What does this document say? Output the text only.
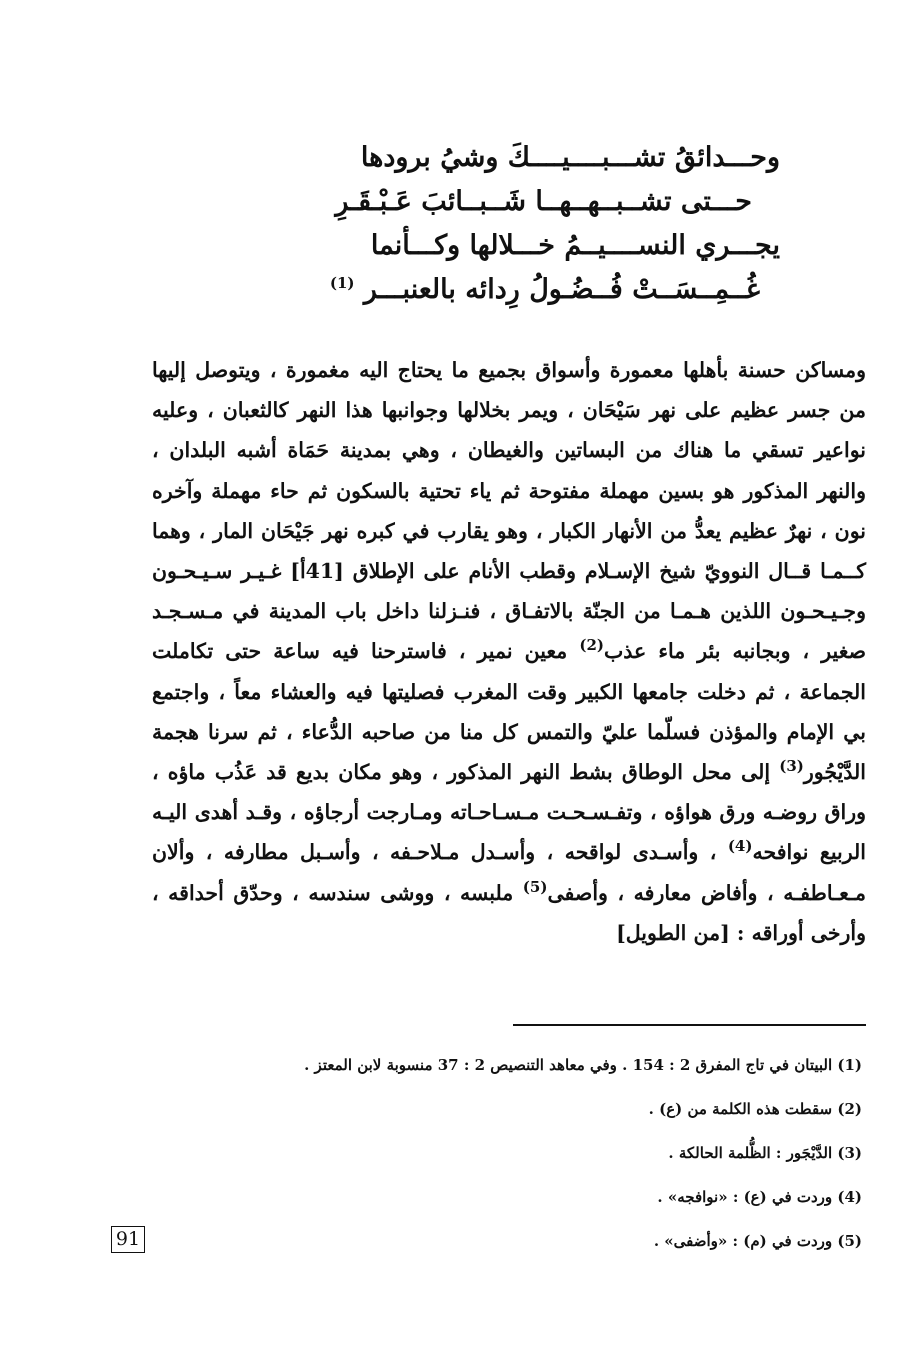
وحـــدائقُ تشـــبــــيــــكَ وشيُ برودها
حـــتى تشــبــهــهــا شَــبــائبَ عَـبْـقَـرِ
يجـــري النســــيــمُ خـــلالها وكـــأنما
غُــمِــسَــتْ فُــضُـولُ رِدائه بالعنبـــر $^{(1)}$

ومساكن حسنة بأهلها معمورة وأسواق بجميع ما يحتاج اليه مغمورة ، ويتوصل إليها من جسر عظيم على نهر سَيْحَان ، ويمر بخلالها وجوانبها هذا النهر كالثعبان ، وعليه نواعير تسقي ما هناك من البساتين والغيطان ، وهي بمدينة حَمَاة أشبه البلدان ، والنهر المذكور هو بسين مهملة مفتوحة ثم ياء تحتية بالسكون ثم حاء مهملة وآخره نون ، نهرٌ عظيم يعدُّ من الأنهار الكبار ، وهو يقارب في كبره نهر جَيْحَان المار ، وهما كــمـا قــال النوويّ شيخ الإسـلام وقطب الأنام على الإطلاق [41أ] غـيـر سـيـحـون وجـيـحـون اللذين هـمـا من الجنّة بالاتفـاق ، فنـزلنا داخل باب المدينة في مـسـجـد صغير ، وبجانبه بئر ماء عذب$^{(2)}$ معين نمير ، فاسترحنا فيه ساعة حتى تكاملت الجماعة ، ثم دخلت جامعها الكبير وقت المغرب فصليتها فيه والعشاء معاً ، واجتمع بي الإمام والمؤذن فسلّما عليّ والتمس كل منا من صاحبه الدُّعاء ، ثم سرنا هجمة الدَّيْجُور$^{(3)}$ إلى محل الوطاق بشط النهر المذكور ، وهو مكان بديع قد عَذُب ماؤه ، وراق روضـه ورق هواؤه ، وتفـسـحـت مـسـاحـاته ومـارجت أرجاؤه ، وقـد أهدى اليـه الربيع نوافحه$^{(4)}$ ، وأسـدى لواقحه ، وأسـدل مـلاحـفه ، وأسـبل مطارفه ، وألان مـعـاطفـه ، وأفاض معارفه ، وأصفى$^{(5)}$ ملبسه ، ووشى سندسه ، وحدّق أحداقه ، وأرخى أوراقه : [من الطويل]

(1) البيتان في تاج المفرق 2 : 154 . وفي معاهد التنصيص 2 : 37 منسوبة لابن المعتز .
(2) سقطت هذه الكلمة من (ع) .
(3) الدَّيْجَور : الظُّلمة الحالكة .
(4) وردت في (ع) : «نوافجه» .
(5) وردت في (م) : «وأضفى» .
91
